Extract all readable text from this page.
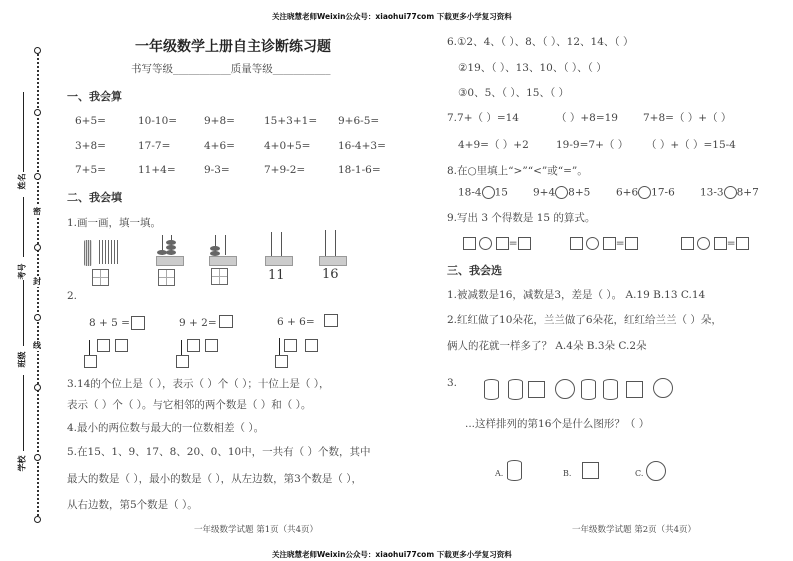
关注晓慧老师Weixin公众号：xiaohui77com 下载更多小学复习资料
关注晓慧老师Weixin公众号：xiaohui77com 下载更多小学复习资料
密
封
线
姓名
考号
班级
学校
一年级数学上册自主诊断练习题
书写等级___________质量等级___________
一、我会算
6+5=	10-10=	9+8=	15+3+1= 9+6-5=
3+8=	17-7=	4+6=	4+0+5=	16-4+3=
7+5=	11+4=	9-3=	7+9-2=	18-1-6=
二、我会填
1.画一画，填一填。
11	16
2.
8 + 5 =	9 + 2=	6 + 6=
3.14的个位上是（ ），表示（ ）个（ ）；十位上是（ ），
表示（ ）个（ ）。与它相邻的两个数是（ ）和（ ）。
4.最小的两位数与最大的一位数相差（ ）。
5.在15、1、9、17、8、20、0、10中，一共有（ ）个数，其中
最大的数是（ ），最小的数是（ ），从左边数，第3个数是（ ），
从右边数，第5个数是（ ）。
一年级数学试题 第1页（共4页）
6.①2、4、（ ）、8、（ ）、12、14、（ ）
②19、（ ）、13、10、（ ）、（ ）
③0、5、（ ）、15、（ ）
7.7+（ ）=14	（ ）+8=19 7+8=（ ）+（ ）
4+9=（ ）+2	19-9=7+（ ） （ ）+（ ）=15-4
8.在○里填上“>”“<”或“=”。
18-4 15 9+4 8+5 6+6 17-6 13-3 8+7
9.写出 3 个得数是 15 的算式。
=	=	=
三、我会选
1.被减数是16，减数是3，差是（ ）。 A.19 B.13 C.14
2.红红做了10朵花，兰兰做了6朵花，红红给兰兰（ ）朵，
俩人的花就一样多了？ A.4朵 B.3朵 C.2朵
3.
...这样排列的第16个是什么图形？（ ）
A.	B.	C.
一年级数学试题 第2页（共4页）
